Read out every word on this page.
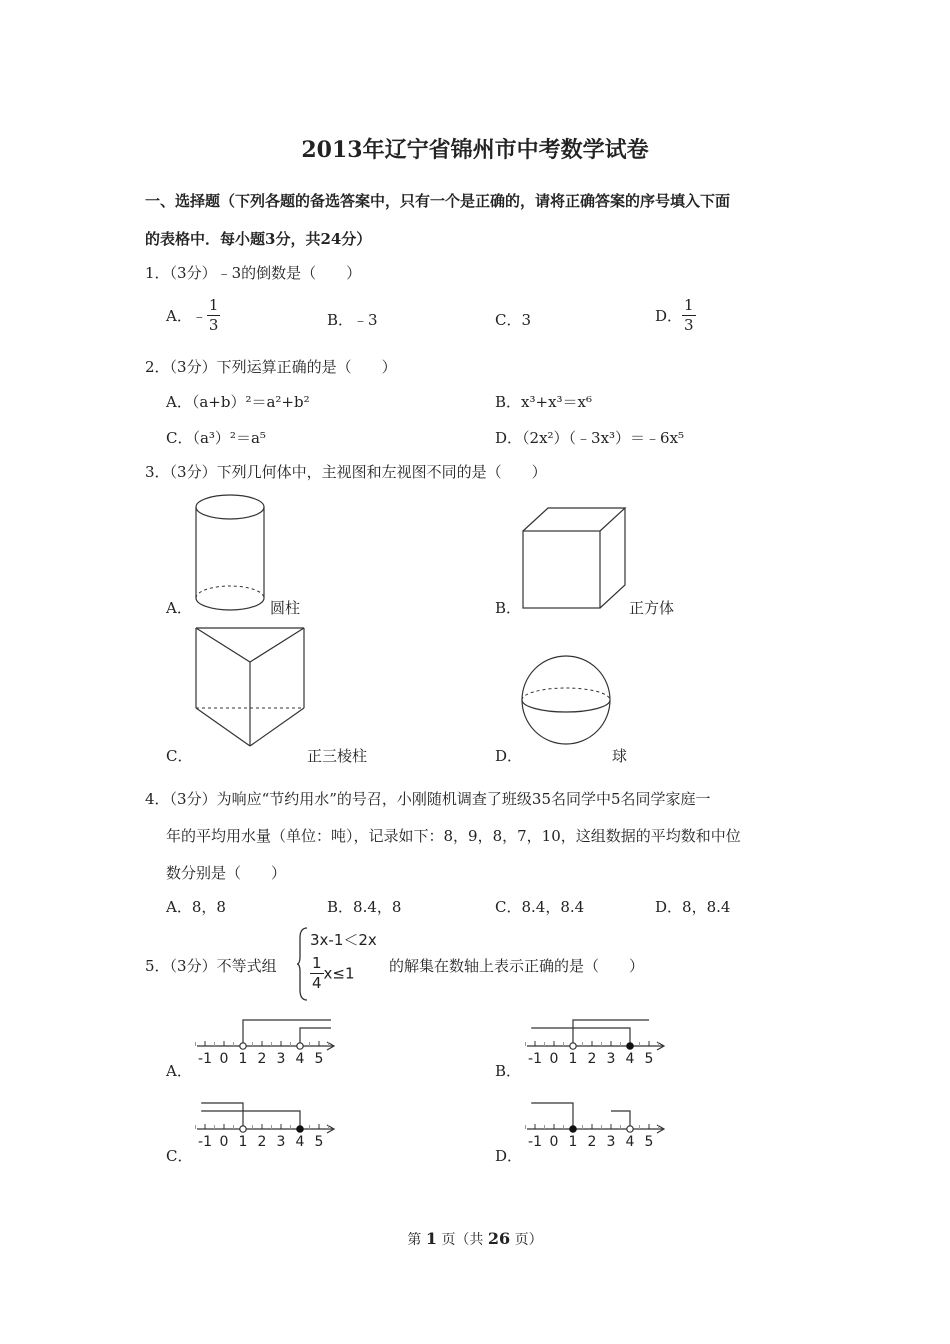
2013年辽宁省锦州市中考数学试卷
一、选择题（下列各题的备选答案中，只有一个是正确的，请将正确答案的序号填入下面
的表格中．每小题3分，共24分）
1．（3分）﹣3的倒数是（　　）
A．﹣ $\frac{1}{3}$	B．﹣3	C．3	D． $\frac{1}{3}$
2．（3分）下列运算正确的是（　　）
A．（a+b）²＝a²+b²	B．x³+x³＝x⁶
C．（a³）²＝a⁵	D．（2x²）（﹣3x³）＝﹣6x⁵
3．（3分）下列几何体中，主视图和左视图不同的是（　　）
A．	圆柱	B．	正方体
C．	正三棱柱	D．	球
4．（3分）为响应“节约用水”的号召，小刚随机调查了班级35名同学中5名同学家庭一
年的平均用水量（单位：吨），记录如下：8，9，8，7，10，这组数据的平均数和中位
数分别是（　　）
A．8，8	B．8.4，8	C．8.4，8.4	D．8，8.4
5．（3分）不等式组
3x-1＜2x
$\frac{1}{4} x\le 1$ 的解集在数轴上表示正确的是（　　）
A．
-1 0 1 2 3 4 5
B．
-1 0 1 2 3 4 5
C．
-1 0 1 2 3 4 5
D．
-1 0 1 2 3 4 5
第 1 页（共 26 页）
